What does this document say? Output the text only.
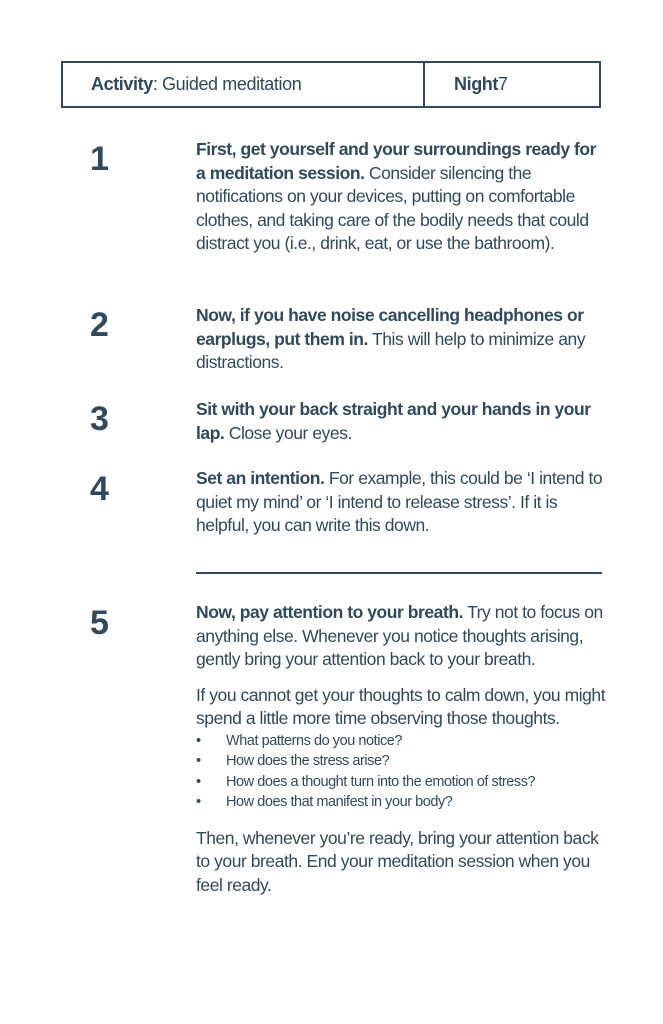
Activity : Guided meditation	Night 7
1	First, get yourself and your surroundings ready for a meditation session. Consider silencing the notifications on your devices, putting on comfortable clothes, and taking care of the bodily needs that could distract you (i.e., drink, eat, or use the bathroom).

2	Now, if you have noise cancelling headphones or earplugs, put them in. This will help to minimize any distractions.

3	Sit with your back straight and your hands in your lap. Close your eyes.

4	Set an intention. For example, this could be ‘I intend to quiet my mind’ or ‘I intend to release stress’. If it is helpful, you can write this down.

5	Now, pay attention to your breath. Try not to focus on anything else. Whenever you notice thoughts arising, gently bring your attention back to your breath.

If you cannot get your thoughts to calm down, you might spend a little more time observing those thoughts.

• What patterns do you notice?
• How does the stress arise?
• How does a thought turn into the emotion of stress?
• How does that manifest in your body?

Then, whenever you’re ready, bring your attention back to your breath. End your meditation session when you feel ready.
